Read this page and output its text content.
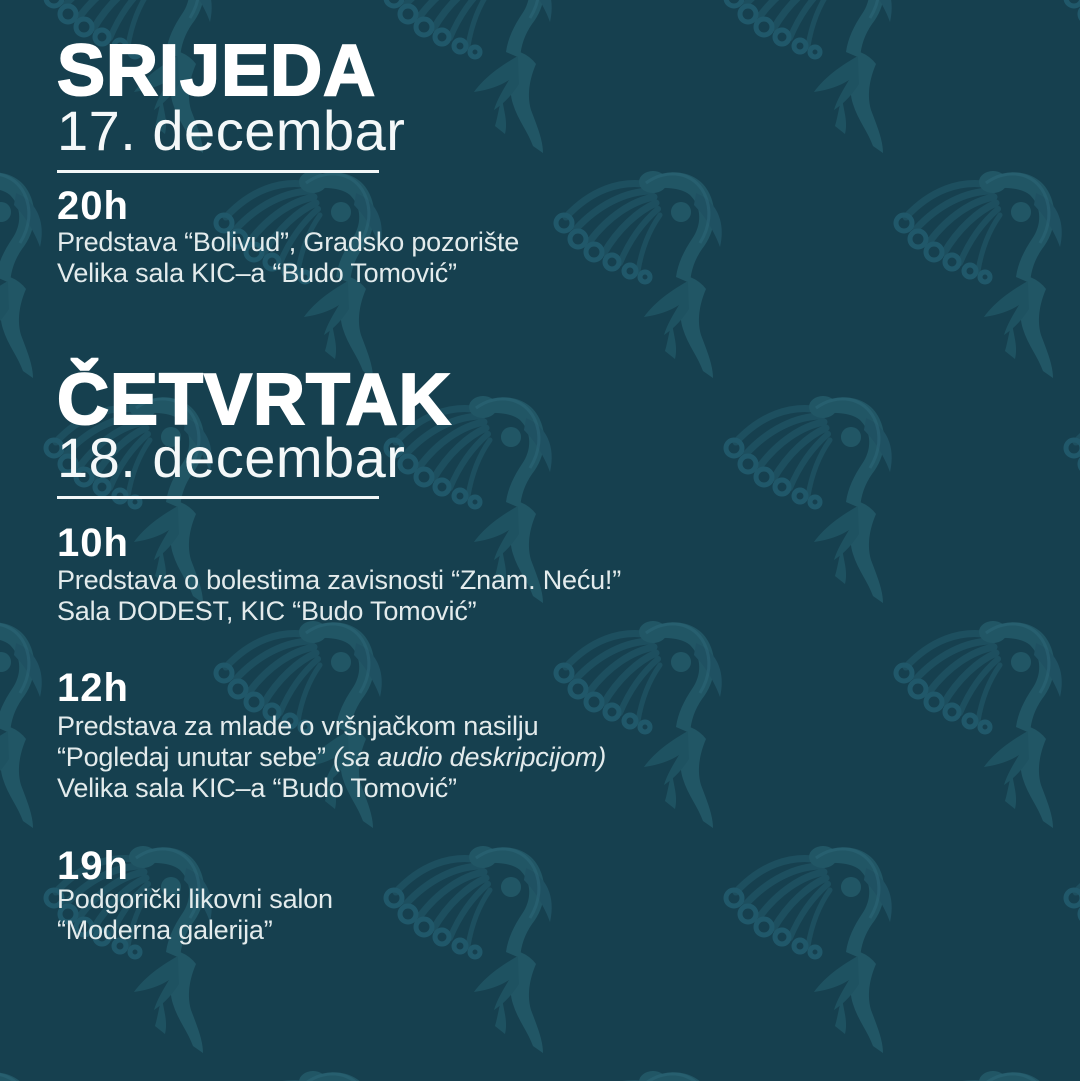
SRIJEDA
17. decembar
20h

Predstava “Bolivud”, Gradsko pozorište

Velika sala KIC–a “Budo Tomović”

ČETVRTAK
18. decembar
10h

Predstava o bolestima zavisnosti “Znam. Neću!”

Sala DODEST, KIC “Budo Tomović”

12h

Predstava za mlade o vršnjačkom nasilju

“Pogledaj unutar sebe” (sa audio deskripcijom)

Velika sala KIC–a “Budo Tomović”

19h

Podgorički likovni salon

“Moderna galerija”
